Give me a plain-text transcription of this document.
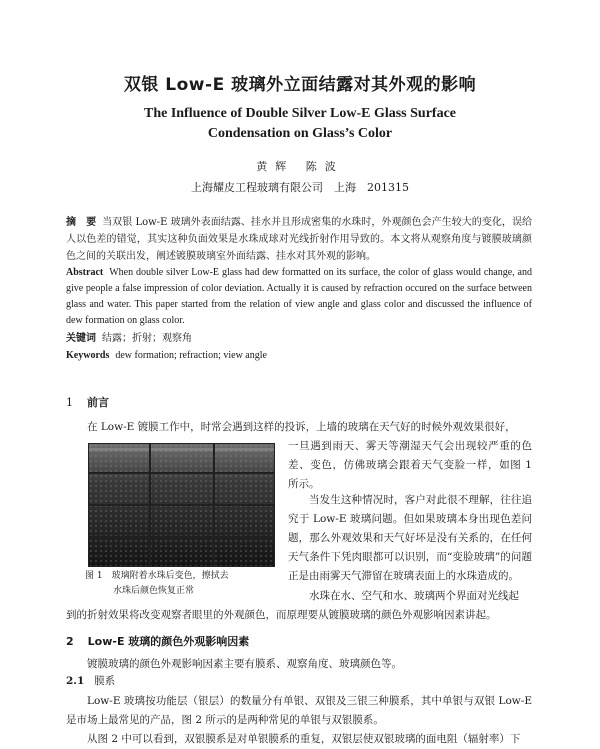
双银 Low-E 玻璃外立面结露对其外观的影响
The Influence of Double Silver Low-E Glass Surface
Condensation on Glass’s Color
黄辉 陈波
上海耀皮工程玻璃有限公司　上海　201315
摘　要 当双银 Low-E 玻璃外表面结露、挂水并且形成密集的水珠时，外观颜色会产生较大的变化，误给人以色差的错觉，其实这种负面效果是水珠成球对光线折射作用导致的。本文将从观察角度与镀膜玻璃颜色之间的关联出发，阐述镀膜玻璃室外面结露、挂水对其外观的影响。
Abstract When double silver Low-E glass had dew formatted on its surface, the color of glass would change, and give people a false impression of color deviation. Actually it is caused by refraction occured on the surface between glass and water. This paper started from the relation of view angle and glass color and discussed the influence of dew formation on glass color.
关键词 结露；折射；观察角
Keywords dew formation; refraction; view angle
1 前言
在 Low-E 镀膜工作中，时常会遇到这样的投诉，上墙的玻璃在天气好的时候外观效果很好，
一旦遇到雨天、雾天等潮湿天气会出现较严重的色差、变色，仿佛玻璃会跟着天气变脸一样，如图 1 所示。
当发生这种情况时，客户对此很不理解，往往追究于 Low-E 玻璃问题。但如果玻璃本身出现色差问题，那么外观效果和天气好坏是没有关系的，在任何天气条件下凭肉眼都可以识别，而“变脸玻璃”的问题正是由雨雾天气滞留在玻璃表面上的水珠造成的。
图 1　玻璃附着水珠后变色，擦拭去
水珠后颜色恢复正常	水珠在水、空气和水、玻璃两个界面对光线起
到的折射效果将改变观察者眼里的外观颜色，而原理要从镀膜玻璃的颜色外观影响因素讲起。
2 Low-E 玻璃的颜色外观影响因素
镀膜玻璃的颜色外观影响因素主要有膜系、观察角度、玻璃颜色等。
2.1 膜系
Low-E 玻璃按功能层（银层）的数量分有单银、双银及三银三种膜系，其中单银与双银 Low-E 是市场上最常见的产品，图 2 所示的是两种常见的单银与双银膜系。
从图 2 中可以看到，双银膜系是对单银膜系的重复，双银层使双银玻璃的面电阻（辐射率）下
